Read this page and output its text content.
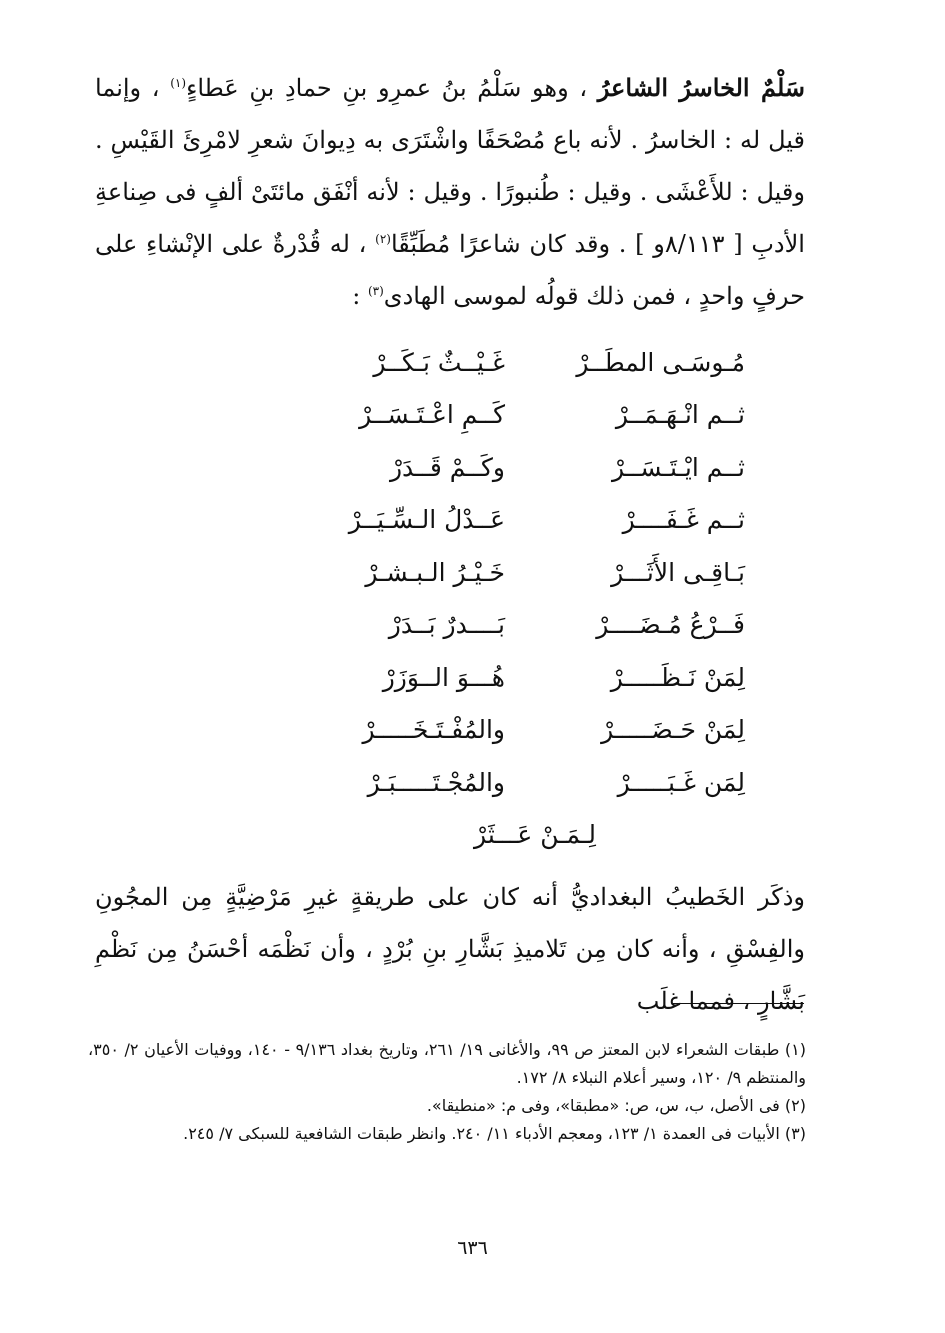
سَلْمٌ الخاسرُ الشاعرُ ، وهو سَلْمُ بنُ عمرِو بنِ حمادِ بنِ عَطاءٍ$^{(١)}$ ، وإنما قيل له : الخاسرُ . لأنه باع مُصْحَفًا واشْتَرَى به دِيوانَ شعرِ لامْرِئَ القَيْسِ . وقيل : للأَعْشَى . وقيل : طُنبورًا . وقيل : لأنه أنْفَق مائتَىْ ألفٍ فى صِناعةِ الأدبِ [ ٨/١١٣و ] . وقد كان شاعرًا مُطَبِّقًا$^{(٢)}$ ، له قُدْرةٌ على الإنْشاءِ على حرفٍ واحدٍ ، فمن ذلك قولُه لموسى الهادى$^{(٣)}$ :

مُـوسَـى المطَــرْ
غَـيْــثٌ بَـكَــرْ
ثــم انْـهَـمَــرْ
كَــمِ اعْـتَـسَــرْ
ثــم ايْـتَـسَــرْ
وكَــمْ قَــدَرْ
ثــم غَـفَــــرْ
عَــدْلُ الـسِّـيَــرْ
بَـاقِـى الأَثَـــرْ
خَـيْـرُ الـبـشـرْ
فَــرْعُ مُـضَــــرْ
بَــــدرٌ بَــدَرْ
لِمَنْ نَـظَـــــرْ
هُـــوَ الــوَزَرْ
لِمَنْ حَـضَـــــرْ
والمُفْـتَـخَـــــرْ
لِمَن غَـبَـــــرْ
والمُجْـتَـــــبَـرْ
لِـمَـنْ عَـــثَرْ

وذكَر الخَطيبُ البغداديُّ أنه كان على طريقةٍ غيرِ مَرْضِيَّةٍ مِن المجُونِ والفِسْقِ ، وأنه كان مِن تَلاميذِ بَشَّارِ بنِ بُرْدٍ ، وأن نَظْمَه أحْسَنُ مِن نَظْمِ بَشَّارٍ ، فمما غلَب

(١) طبقات الشعراء لابن المعتز ص ٩٩، والأغانى ١٩/ ٢٦١، وتاريخ بغداد ٩/١٣٦ - ١٤٠، ووفيات الأعيان ٢/ ٣٥٠، والمنتظم ٩/ ١٢٠، وسير أعلام النبلاء ٨/ ١٧٢.

(٢) فى الأصل، ب، س، ص: «مطبقا»، وفى م: «منطيقا».

(٣) الأبيات فى العمدة ١/ ١٢٣، ومعجم الأدباء ١١/ ٢٤٠. وانظر طبقات الشافعية للسبكى ٧/ ٢٤٥.

٦٣٦
